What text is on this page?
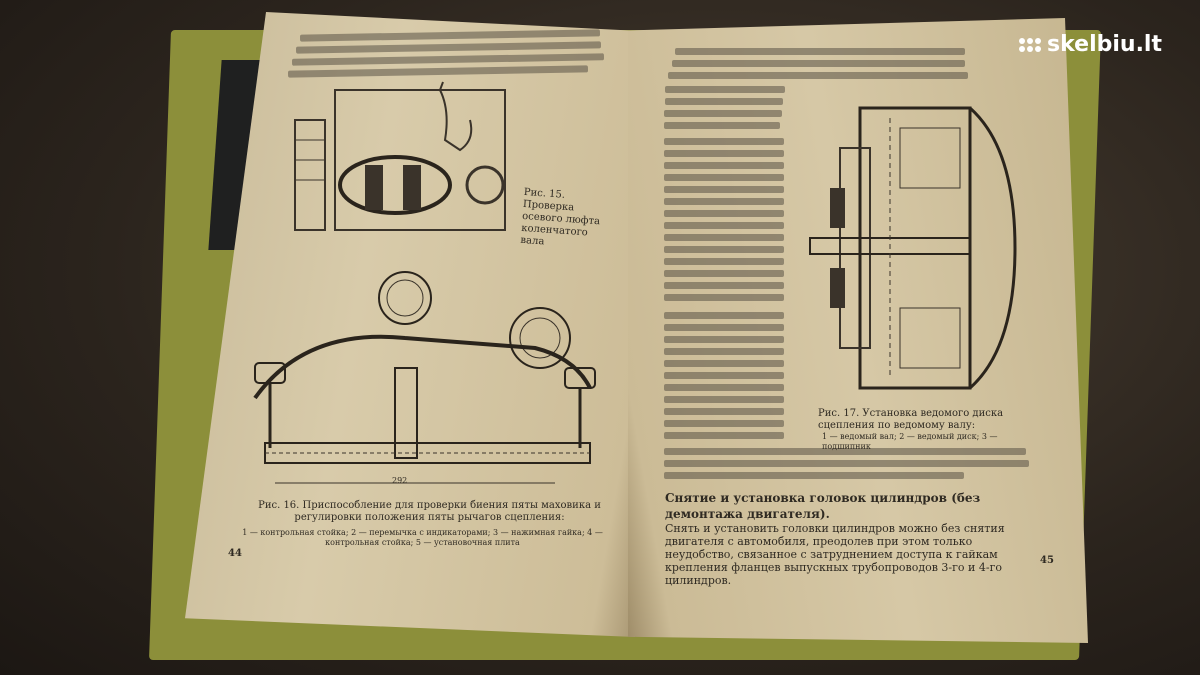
Рис. 15. Проверка осевого люфта коленчатого вала
292
Рис. 16. Приспособление для проверки биения пяты маховика и регулировки положения пяты рычагов сцепления:
1 — контрольная стойка; 2 — перемычка с индикаторами; 3 — нажимная гайка; 4 — контрольная стойка; 5 — установочная плита
44
Рис. 17. Установка ведомого диска сцепления по ведомому валу:
1 — ведомый вал; 2 — ведомый диск; 3 — подшипник
Снятие и установка головок цилиндров (без демонтажа двигателя).
Снять и установить головки цилиндров можно без снятия двигателя с автомобиля, преодолев при этом только неудобство, связанное с затруднением доступа к гайкам крепления фланцев выпускных трубопроводов 3-го и 4-го цилиндров.
45
skelbiu.lt
